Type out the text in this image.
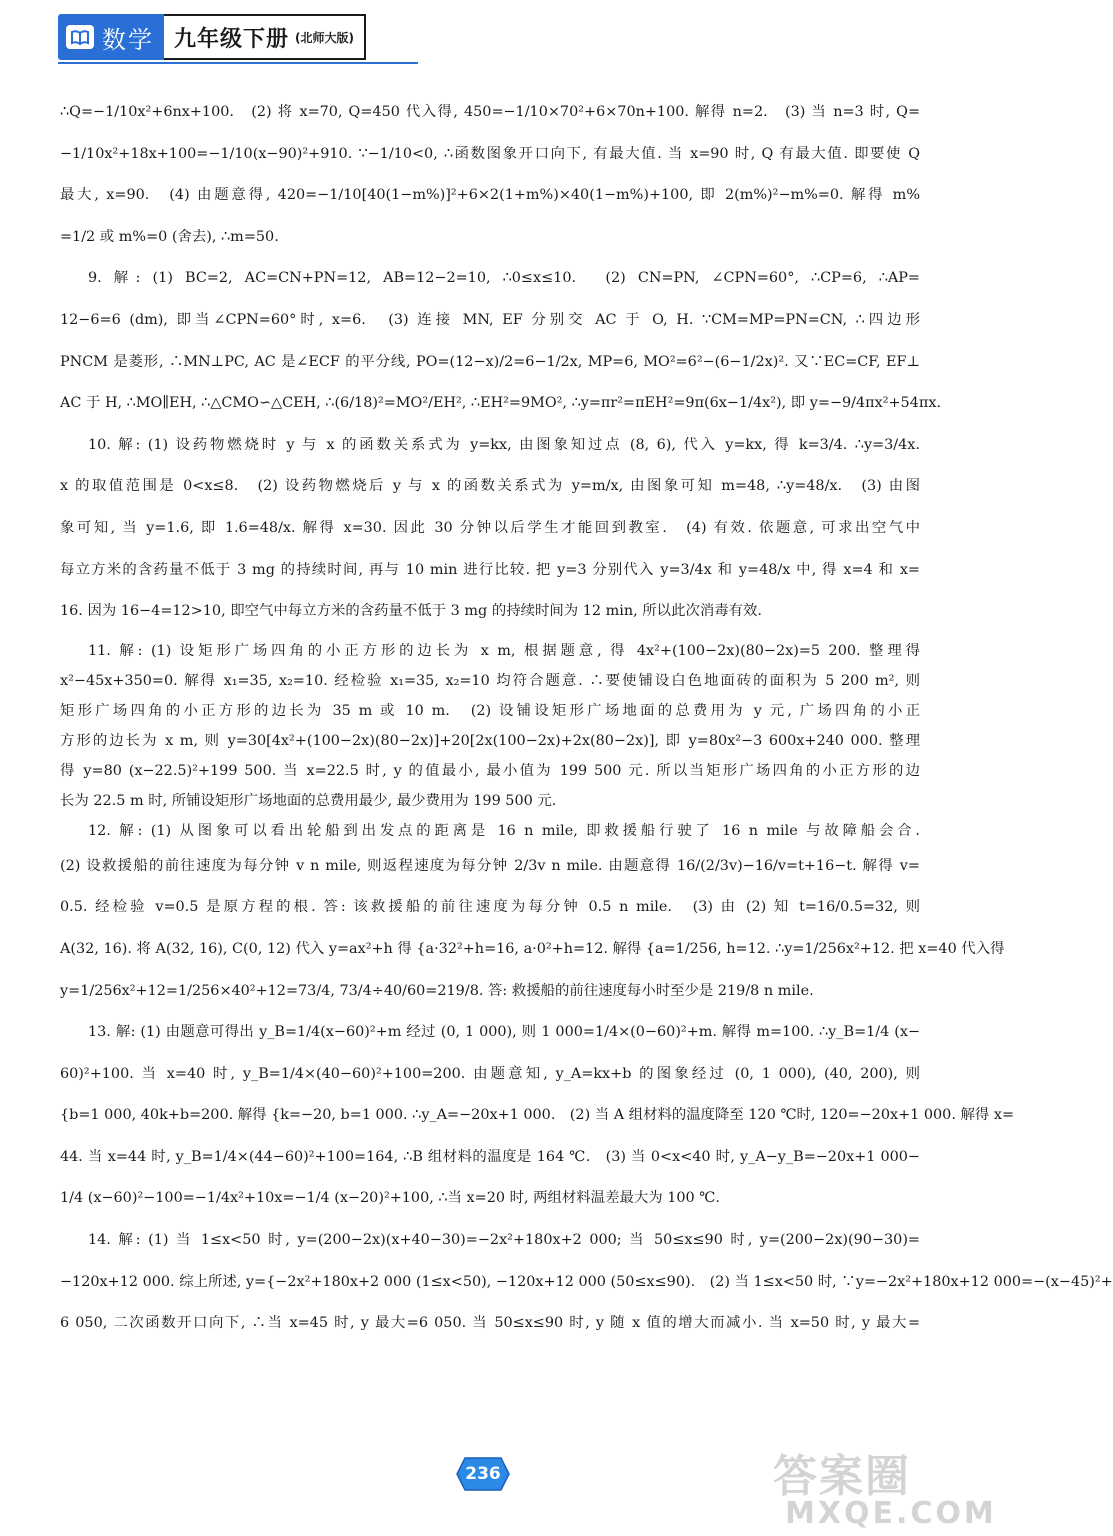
数学 九年级下册 (北师大版)

∴Q=−1/10x²+6nx+100.　(2) 将 x=70, Q=450 代入得, 450=−1/10×70²+6×70n+100. 解得 n=2.　(3) 当 n=3 时, Q=

−1/10x²+18x+100=−1/10(x−90)²+910. ∵−1/10<0, ∴函数图象开口向下, 有最大值. 当 x=90 时, Q 有最大值. 即要使 Q

最大, x=90.　(4) 由题意得, 420=−1/10[40(1−m%)]²+6×2(1+m%)×40(1−m%)+100, 即 2(m%)²−m%=0. 解得 m%

=1/2 或 m%=0 (舍去), ∴m=50.

9. 解: (1) BC=2, AC=CN+PN=12, AB=12−2=10, ∴0≤x≤10.　(2) CN=PN, ∠CPN=60°, ∴CP=6, ∴AP=

12−6=6 (dm), 即当∠CPN=60°时, x=6.　(3) 连接 MN, EF 分别交 AC 于 O, H. ∵CM=MP=PN=CN, ∴四边形

PNCM 是菱形, ∴MN⊥PC, AC 是∠ECF 的平分线, PO=(12−x)/2=6−1/2x, MP=6, MO²=6²−(6−1/2x)². 又∵EC=CF, EF⊥

AC 于 H, ∴MO∥EH, ∴△CMO∽△CEH, ∴(6/18)²=MO²/EH², ∴EH²=9MO², ∴y=πr²=πEH²=9π(6x−1/4x²), 即 y=−9/4πx²+54πx.

10. 解: (1) 设药物燃烧时 y 与 x 的函数关系式为 y=kx, 由图象知过点 (8, 6), 代入 y=kx, 得 k=3/4. ∴y=3/4x.

x 的取值范围是 0<x≤8.　(2) 设药物燃烧后 y 与 x 的函数关系式为 y=m/x, 由图象可知 m=48, ∴y=48/x.　(3) 由图

象可知, 当 y=1.6, 即 1.6=48/x. 解得 x=30. 因此 30 分钟以后学生才能回到教室.　(4) 有效. 依题意, 可求出空气中

每立方米的含药量不低于 3 mg 的持续时间, 再与 10 min 进行比较. 把 y=3 分别代入 y=3/4x 和 y=48/x 中, 得 x=4 和 x=

16. 因为 16−4=12>10, 即空气中每立方米的含药量不低于 3 mg 的持续时间为 12 min, 所以此次消毒有效.

11. 解: (1) 设矩形广场四角的小正方形的边长为 x m, 根据题意, 得 4x²+(100−2x)(80−2x)=5 200. 整理得

x²−45x+350=0. 解得 x₁=35, x₂=10. 经检验 x₁=35, x₂=10 均符合题意. ∴要使铺设白色地面砖的面积为 5 200 m², 则

矩形广场四角的小正方形的边长为 35 m 或 10 m.　(2) 设铺设矩形广场地面的总费用为 y 元, 广场四角的小正

方形的边长为 x m, 则 y=30[4x²+(100−2x)(80−2x)]+20[2x(100−2x)+2x(80−2x)], 即 y=80x²−3 600x+240 000. 整理

得 y=80 (x−22.5)²+199 500. 当 x=22.5 时, y 的值最小, 最小值为 199 500 元. 所以当矩形广场四角的小正方形的边

长为 22.5 m 时, 所铺设矩形广场地面的总费用最少, 最少费用为 199 500 元.

12. 解: (1) 从图象可以看出轮船到出发点的距离是 16 n mile, 即救援船行驶了 16 n mile 与故障船会合.

(2) 设救援船的前往速度为每分钟 v n mile, 则返程速度为每分钟 2/3v n mile. 由题意得 16/(2/3v)−16/v=t+16−t. 解得 v=

0.5. 经检验 v=0.5 是原方程的根. 答: 该救援船的前往速度为每分钟 0.5 n mile.　(3) 由 (2) 知 t=16/0.5=32, 则

A(32, 16). 将 A(32, 16), C(0, 12) 代入 y=ax²+h 得 {a·32²+h=16, a·0²+h=12. 解得 {a=1/256, h=12. ∴y=1/256x²+12. 把 x=40 代入得

y=1/256x²+12=1/256×40²+12=73/4, 73/4÷40/60=219/8. 答: 救援船的前往速度每小时至少是 219/8 n mile.

13. 解: (1) 由题意可得出 y_B=1/4(x−60)²+m 经过 (0, 1 000), 则 1 000=1/4×(0−60)²+m. 解得 m=100. ∴y_B=1/4 (x−

60)²+100. 当 x=40 时, y_B=1/4×(40−60)²+100=200. 由题意知, y_A=kx+b 的图象经过 (0, 1 000), (40, 200), 则

{b=1 000, 40k+b=200. 解得 {k=−20, b=1 000. ∴y_A=−20x+1 000.　(2) 当 A 组材料的温度降至 120 ℃时, 120=−20x+1 000. 解得 x=

44. 当 x=44 时, y_B=1/4×(44−60)²+100=164, ∴B 组材料的温度是 164 ℃.　(3) 当 0<x<40 时, y_A−y_B=−20x+1 000−

1/4 (x−60)²−100=−1/4x²+10x=−1/4 (x−20)²+100, ∴当 x=20 时, 两组材料温差最大为 100 ℃.

14. 解: (1) 当 1≤x<50 时, y=(200−2x)(x+40−30)=−2x²+180x+2 000; 当 50≤x≤90 时, y=(200−2x)(90−30)=

−120x+12 000. 综上所述, y={−2x²+180x+2 000 (1≤x<50), −120x+12 000 (50≤x≤90).　(2) 当 1≤x<50 时, ∵y=−2x²+180x+12 000=−(x−45)²+

6 050, 二次函数开口向下, ∴当 x=45 时, y 最大=6 050. 当 50≤x≤90 时, y 随 x 值的增大而减小. 当 x=50 时, y 最大=

236	答案圈
MXQE.COM
